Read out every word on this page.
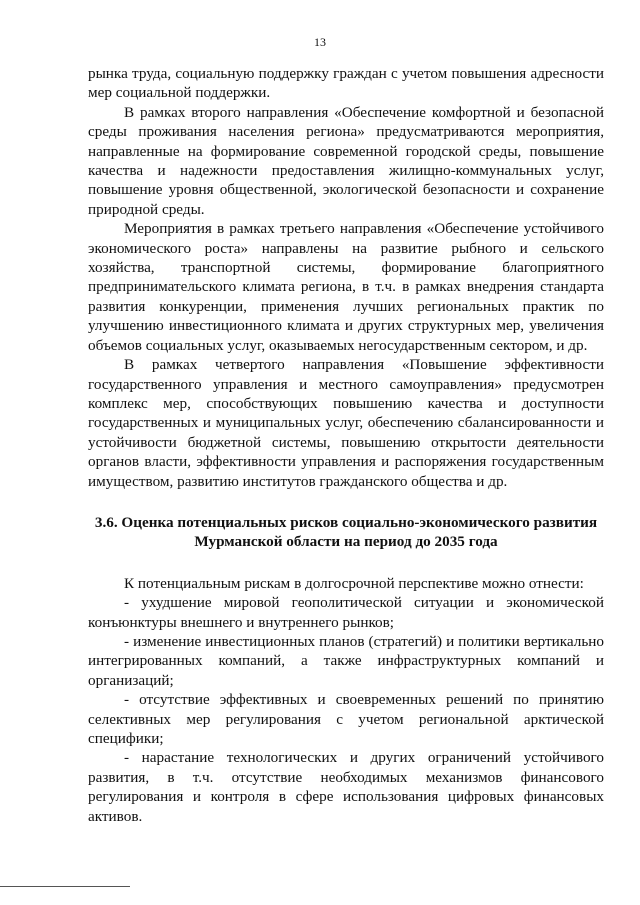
13

рынка труда, социальную поддержку граждан с учетом повышения адресности мер социальной поддержки.

В рамках второго направления «Обеспечение комфортной и безопасной среды проживания населения региона» предусматриваются мероприятия, направленные на формирование современной городской среды, повышение качества и надежности предоставления жилищно-коммунальных услуг, повышение уровня общественной, экологической безопасности и сохранение природной среды.

Мероприятия в рамках третьего направления «Обеспечение устойчивого экономического роста» направлены на развитие рыбного и сельского хозяйства, транспортной системы, формирование благоприятного предпринимательского климата региона, в т.ч. в рамках внедрения стандарта развития конкуренции, применения лучших региональных практик по улучшению инвестиционного климата и других структурных мер, увеличения объемов социальных услуг, оказываемых негосударственным сектором, и др.

В рамках четвертого направления «Повышение эффективности государственного управления и местного самоуправления» предусмотрен комплекс мер, способствующих повышению качества и доступности государственных и муниципальных услуг, обеспечению сбалансированности и устойчивости бюджетной системы, повышению открытости деятельности органов власти, эффективности управления и распоряжения государственным имуществом, развитию институтов гражданского общества и др.

3.6. Оценка потенциальных рисков социально-экономического развития
Мурманской области на период до 2035 года

К потенциальным рискам в долгосрочной перспективе можно отнести:

- ухудшение мировой геополитической ситуации и экономической конъюнктуры внешнего и внутреннего рынков;

- изменение инвестиционных планов (стратегий) и политики вертикально интегрированных компаний, а также инфраструктурных компаний и организаций;

- отсутствие эффективных и своевременных решений по принятию селективных мер регулирования с учетом региональной арктической специфики;

- нарастание технологических и других ограничений устойчивого развития, в т.ч. отсутствие необходимых механизмов финансового регулирования и контроля в сфере использования цифровых финансовых активов.
